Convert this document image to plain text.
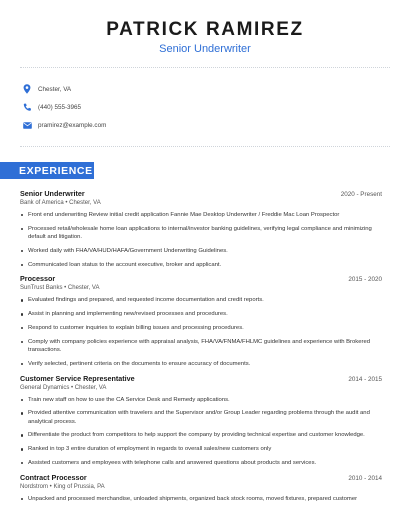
PATRICK RAMIREZ
Senior Underwriter
Chester, VA
(440) 555-3965
pramirez@example.com
EXPERIENCE
Senior Underwriter	2020 - Present
Bank of America • Chester, VA
Front end underwriting Review initial credit application Fannie Mae Desktop Underwriter / Freddie Mac Loan Prospector
Processed retail/wholesale home loan applications to internal/investor banking guidelines, verifying legal compliance and minimizing default and litigation.
Worked daily with FHA/VA/HUD/HAFA/Government Underwriting Guidelines.
Communicated loan status to the account executive, broker and applicant.
Processor	2015 - 2020
SunTrust Banks • Chester, VA
Evaluated findings and prepared, and requested income documentation and credit reports.
Assist in planning and implementing new/revised processes and procedures.
Respond to customer inquiries to explain billing issues and processing procedures.
Comply with company policies experience with appraisal analysis, FHA/VA/FNMA/FHLMC guidelines and experience with Brokered transactions.
Verify selected, pertinent criteria on the documents to ensure accuracy of documents.
Customer Service Representative	2014 - 2015
General Dynamics • Chester, VA
Train new staff on how to use the CA Service Desk and Remedy applications.
Provided attentive communication with travelers and the Supervisor and/or Group Leader regarding problems through the audit and analytical process.
Differentiate the product from competitors to help support the company by providing technical expertise and customer knowledge.
Ranked in top 3 entire duration of employment in regards to overall sales/new customers only
Assisted customers and employees with telephone calls and answered questions about products and services.
Contract Processor	2010 - 2014
Nordstrom • King of Prussia, PA
Unpacked and processed merchandise, unloaded shipments, organized back stock rooms, moved fixtures, prepared customer
